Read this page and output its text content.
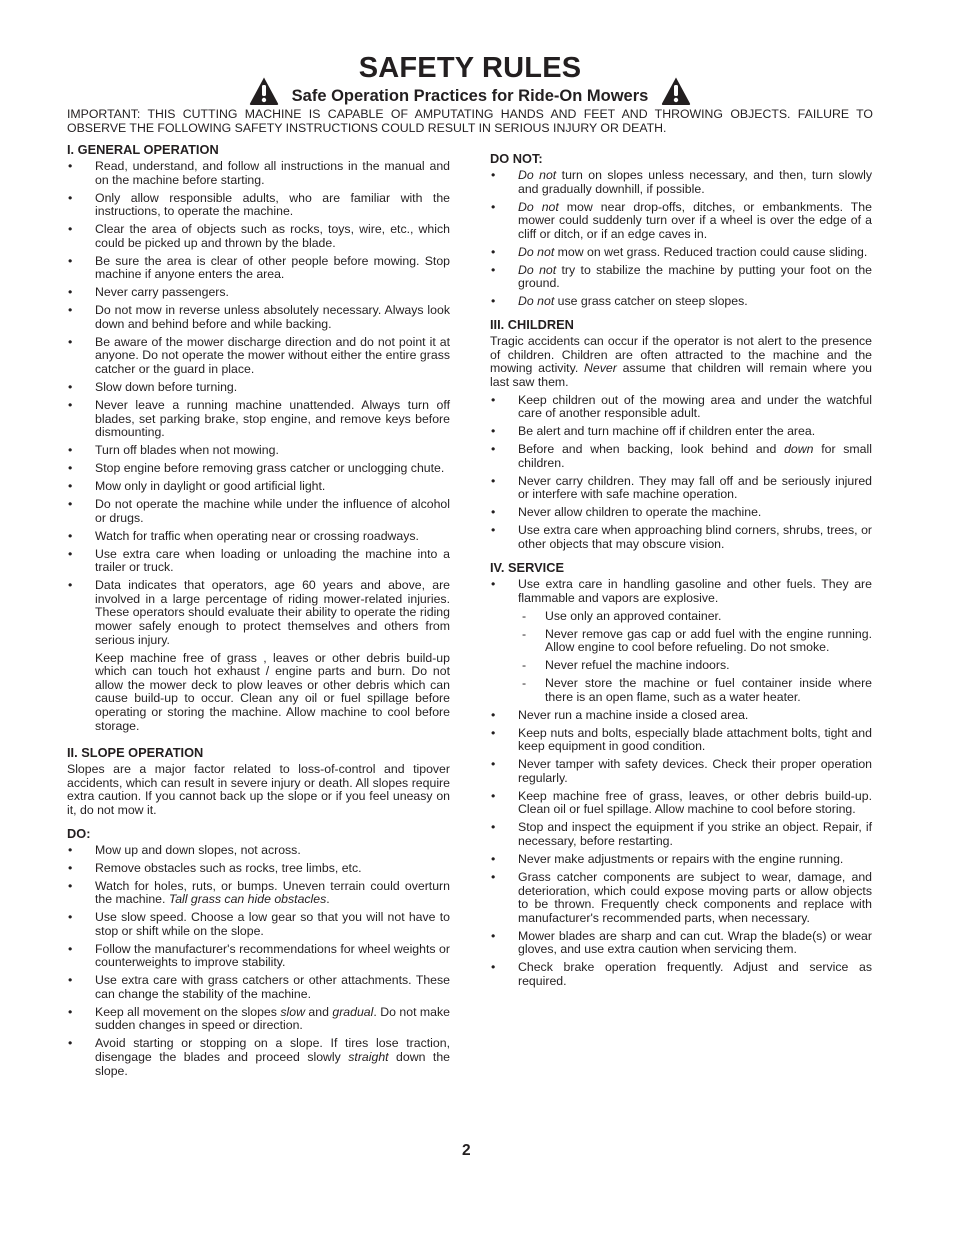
SAFETY RULES
Safe Operation Practices for Ride-On Mowers

IMPORTANT: THIS CUTTING MACHINE IS CAPABLE OF AMPUTATING HANDS AND FEET AND THROWING OBJECTS. FAILURE TO OBSERVE THE FOLLOWING SAFETY INSTRUCTIONS COULD RESULT IN SERIOUS INJURY OR DEATH.

I. GENERAL OPERATION
• Read, understand, and follow all instructions in the manual and on the machine before starting.
• Only allow responsible adults, who are familiar with the instructions, to operate the machine.
• Clear the area of objects such as rocks, toys, wire, etc., which could be picked up and thrown by the blade.
• Be sure the area is clear of other people before mowing. Stop machine if anyone enters the area.
• Never carry passengers.
• Do not mow in reverse unless absolutely necessary. Always look down and behind before and while backing.
• Be aware of the mower discharge direction and do not point it at anyone. Do not operate the mower without either the entire grass catcher or the guard in place.
• Slow down before turning.
• Never leave a running machine unattended. Always turn off blades, set parking brake, stop engine, and remove keys before dismounting.
• Turn off blades when not mowing.
• Stop engine before removing grass catcher or unclogging chute.
• Mow only in daylight or good artificial light.
• Do not operate the machine while under the influence of alcohol or drugs.
• Watch for traffic when operating near or crossing roadways.
• Use extra care when loading or unloading the machine into a trailer or truck.
• Data indicates that operators, age 60 years and above, are involved in a large percentage of riding mower-related injuries. These operators should evaluate their ability to operate the riding mower safely enough to protect themselves and others from serious injury.

Keep machine free of grass , leaves or other debris build-up which can touch hot exhaust / engine parts and burn. Do not allow the mower deck to plow leaves or other debris which can cause build-up to occur. Clean any oil or fuel spillage before operating or storing the machine. Allow machine to cool before storage.

II. SLOPE OPERATION

Slopes are a major factor related to loss-of-control and tipover accidents, which can result in severe injury or death. All slopes require extra caution. If you cannot back up the slope or if you feel uneasy on it, do not mow it.

DO:
• Mow up and down slopes, not across.
• Remove obstacles such as rocks, tree limbs, etc.
• Watch for holes, ruts, or bumps. Uneven terrain could overturn the machine. Tall grass can hide obstacles.
• Use slow speed. Choose a low gear so that you will not have to stop or shift while on the slope.
• Follow the manufacturer's recommendations for wheel weights or counterweights to improve stability.
• Use extra care with grass catchers or other attachments. These can change the stability of the machine.
• Keep all movement on the slopes slow and gradual. Do not make sudden changes in speed or direction.
• Avoid starting or stopping on a slope. If tires lose traction, disengage the blades and proceed slowly straight down the slope.
DO NOT:
• Do not turn on slopes unless necessary, and then, turn slowly and gradually downhill, if possible.
• Do not mow near drop-offs, ditches, or embankments. The mower could suddenly turn over if a wheel is over the edge of a cliff or ditch, or if an edge caves in.
• Do not mow on wet grass. Reduced traction could cause sliding.
• Do not try to stabilize the machine by putting your foot on the ground.
• Do not use grass catcher on steep slopes.
III. CHILDREN

Tragic accidents can occur if the operator is not alert to the presence of children. Children are often attracted to the machine and the mowing activity. Never assume that children will remain where you last saw them.

• Keep children out of the mowing area and under the watchful care of another responsible adult.
• Be alert and turn machine off if children enter the area.
• Before and when backing, look behind and down for small children.
• Never carry children. They may fall off and be seriously injured or interfere with safe machine operation.
• Never allow children to operate the machine.
• Use extra care when approaching blind corners, shrubs, trees, or other objects that may obscure vision.
IV. SERVICE
• Use extra care in handling gasoline and other fuels. They are flammable and vapors are explosive.
- Use only an approved container.
- Never remove gas cap or add fuel with the engine running. Allow engine to cool before refueling. Do not smoke.
- Never refuel the machine indoors.
- Never store the machine or fuel container inside where there is an open flame, such as a water heater.
• Never run a machine inside a closed area.
• Keep nuts and bolts, especially blade attachment bolts, tight and keep equipment in good condition.
• Never tamper with safety devices. Check their proper operation regularly.
• Keep machine free of grass, leaves, or other debris build-up. Clean oil or fuel spillage. Allow machine to cool before storing.
• Stop and inspect the equipment if you strike an object. Repair, if necessary, before restarting.
• Never make adjustments or repairs with the engine running.
• Grass catcher components are subject to wear, damage, and deterioration, which could expose moving parts or allow objects to be thrown. Frequently check components and replace with manufacturer's recommended parts, when necessary.
• Mower blades are sharp and can cut. Wrap the blade(s) or wear gloves, and use extra caution when servicing them.
• Check brake operation frequently. Adjust and service as required.

2
